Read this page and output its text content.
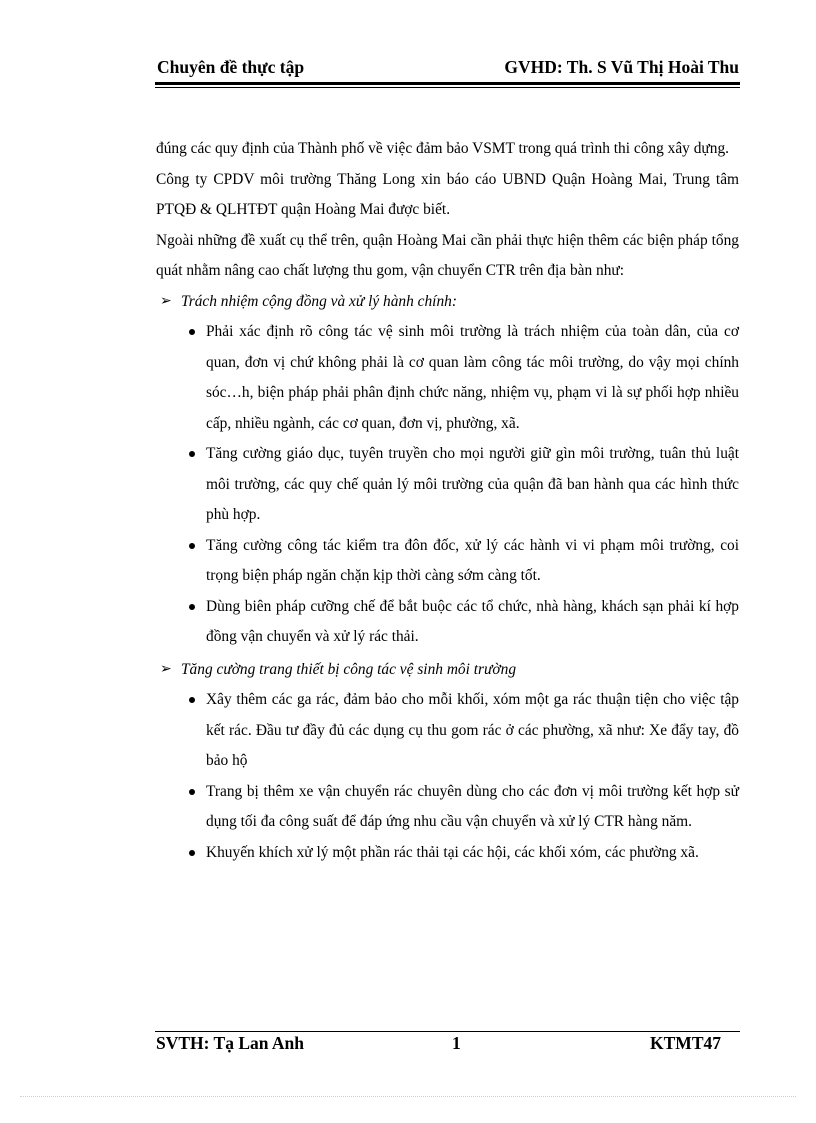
Chuyên đề thực tập	GVHD: Th. S Vũ Thị Hoài Thu

đúng các quy định của Thành phố về việc đảm bảo VSMT trong quá trình thi công xây dựng.

Công ty CPDV môi trường Thăng Long xin báo cáo UBND Quận Hoàng Mai, Trung tâm PTQĐ & QLHTĐT quận Hoàng Mai được biết.

Ngoài những đề xuất cụ thể trên, quận Hoàng Mai cần phải thực hiện thêm các biện pháp tổng quát nhằm nâng cao chất lượng thu gom, vận chuyển CTR trên địa bàn như:

➢ Trách nhiệm cộng đồng và xử lý hành chính:
Phải xác định rõ công tác vệ sinh môi trường là trách nhiệm của toàn dân, của cơ quan, đơn vị chứ không phải là cơ quan làm công tác môi trường, do vậy mọi chính sóc…h, biện pháp phải phân định chức năng, nhiệm vụ, phạm vi là sự phối hợp nhiều cấp, nhiều ngành, các cơ quan, đơn vị, phường, xã.
Tăng cường giáo dục, tuyên truyền cho mọi người giữ gìn môi trường, tuân thủ luật môi trường, các quy chế quản lý môi trường của quận đã ban hành qua các hình thức phù hợp.
Tăng cường công tác kiểm tra đôn đốc, xử lý các hành vi vi phạm môi trường, coi trọng biện pháp ngăn chặn kịp thời càng sớm càng tốt.
Dùng biên pháp cưỡng chế để bắt buộc các tổ chức, nhà hàng, khách sạn phải kí hợp đồng vận chuyển và xử lý rác thải.
➢ Tăng cường trang thiết bị công tác vệ sinh môi trường
Xây thêm các ga rác, đảm bảo cho mỗi khối, xóm một ga rác thuận tiện cho việc tập kết rác. Đầu tư đầy đủ các dụng cụ thu gom rác ở các phường, xã như: Xe đẩy tay, đồ bảo hộ
Trang bị thêm xe vận chuyển rác chuyên dùng cho các đơn vị môi trường kết hợp sử dụng tối đa công suất để đáp ứng nhu cầu vận chuyển và xử lý CTR hàng năm.
Khuyến khích xử lý một phần rác thải tại các hội, các khối xóm, các phường xã.
SVTH: Tạ Lan Anh	1	KTMT47
